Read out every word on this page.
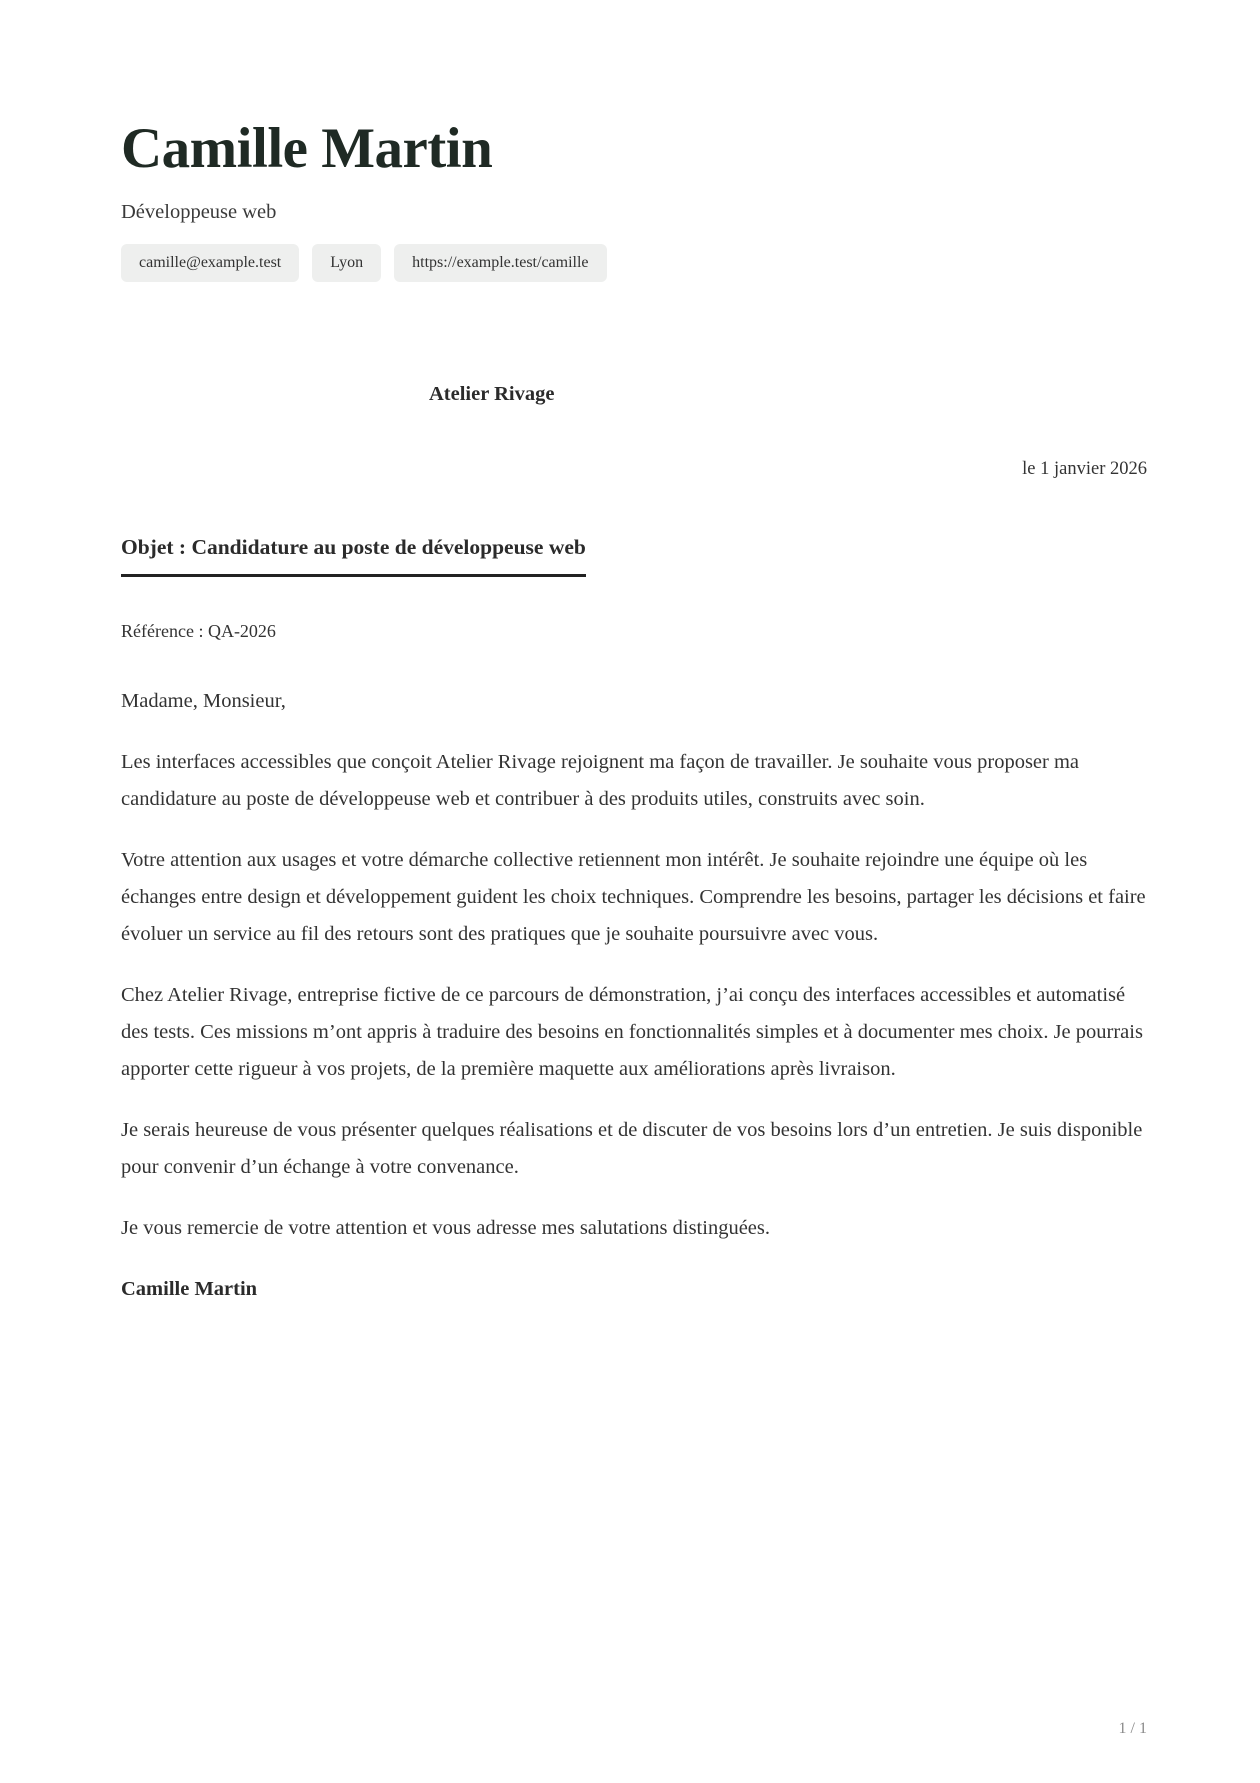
Camille Martin
Développeuse web
camille@example.test	Lyon	https://example.test/camille
Atelier Rivage
le 1 janvier 2026
Objet : Candidature au poste de développeuse web
Référence : QA-2026

Madame, Monsieur,

Les interfaces accessibles que conçoit Atelier Rivage rejoignent ma façon de travailler. Je souhaite vous proposer ma candidature au poste de développeuse web et contribuer à des produits utiles, construits avec soin.

Votre attention aux usages et votre démarche collective retiennent mon intérêt. Je souhaite rejoindre une équipe où les échanges entre design et développement guident les choix techniques. Comprendre les besoins, partager les décisions et faire évoluer un service au fil des retours sont des pratiques que je souhaite poursuivre avec vous.

Chez Atelier Rivage, entreprise fictive de ce parcours de démonstration, j’ai conçu des interfaces accessibles et automatisé des tests. Ces missions m’ont appris à traduire des besoins en fonctionnalités simples et à documenter mes choix. Je pourrais apporter cette rigueur à vos projets, de la première maquette aux améliorations après livraison.

Je serais heureuse de vous présenter quelques réalisations et de discuter de vos besoins lors d’un entretien. Je suis disponible pour convenir d’un échange à votre convenance.

Je vous remercie de votre attention et vous adresse mes salutations distinguées.

Camille Martin

1 / 1
